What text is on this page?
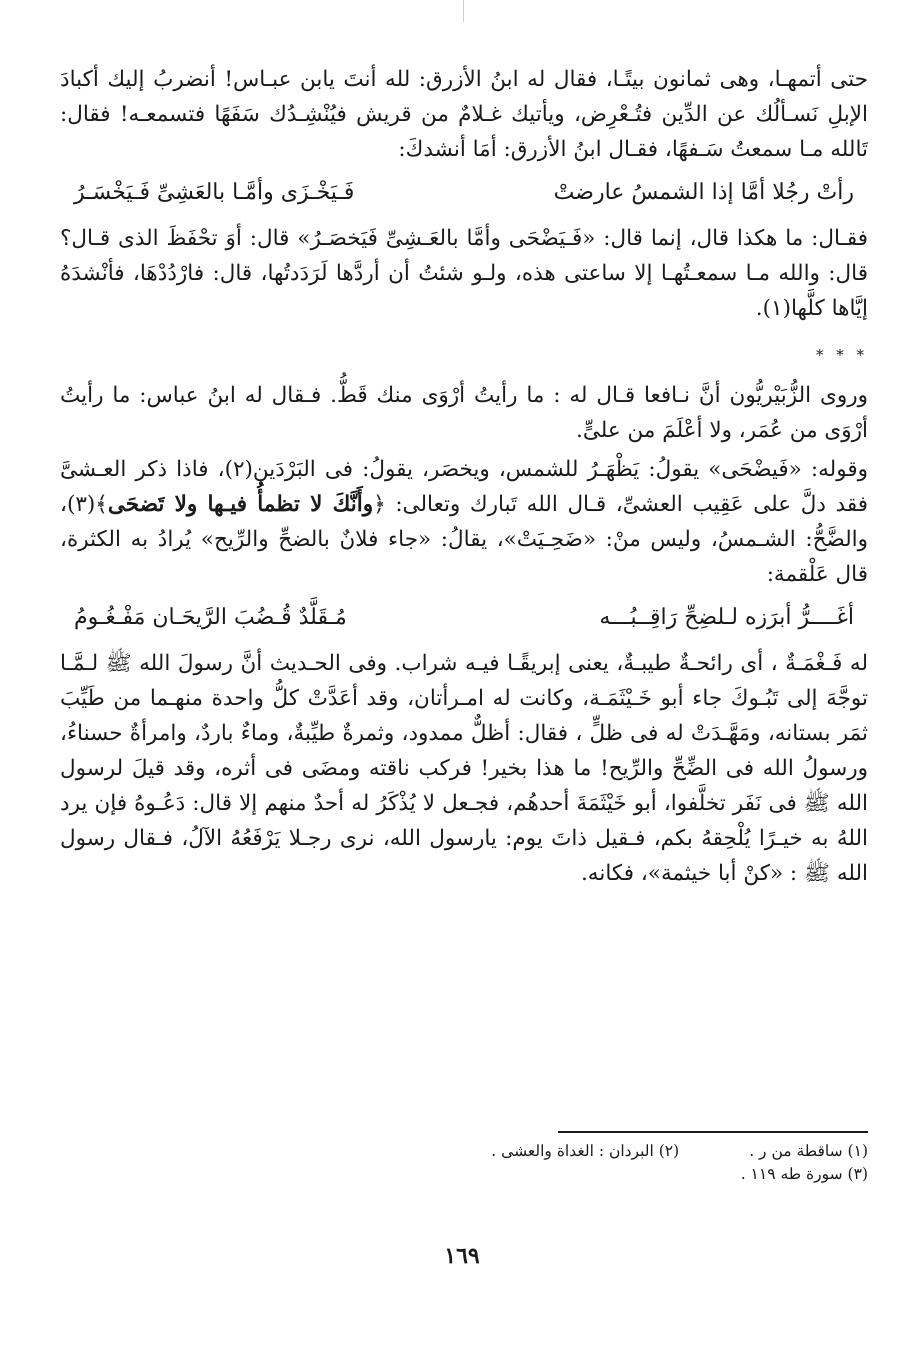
حتى أتمهـا، وهى ثمانون بيتًـا، فقال له ابنُ الأزرق: لله أنتَ يابن عبـاس! أنضربُ إليك أكبادَ الإبلِ نَسـألُك عن الدِّين فتُـعْرِض، ويأتيك غـلامٌ من قريش فيُنْشِـدُك سَفَهًا فتسمعـه! فقال: تَالله مـا سمعتُ سَـفهًا، فقـال ابنُ الأزرق: أمَا أنشدكَ:

رأتْ رجُلا أمَّا إذا الشمسُ عارضتْ
فَـيَخْـزَى وأمَّـا بالعَشِىِّ فَـيَخْسَـرُ

فقـال: ما هكذا قال، إنما قال: «فَـيَضْحَى وأمَّا بالعَـشِىِّ فَيَخصَـرُ» قال: أوَ تحْفَظَ الذى قـال؟ قال: والله مـا سمعـتُهـا إلا ساعتى هذه، ولـو شئتُ أن أردَّها لَرَدَدتُها، قال: فارْدُدْهَا، فأنْشدَهُ إيَّاها كلَّها(١).

* * *

وروى الزُّبَيْريُّون أنَّ نـافعا قـال له : ما رأيتُ أرْوَى منك قَطُّ. فـقال له ابنُ عباس: ما رأيتُ أرْوَى من عُمَر، ولا أعْلَمَ من علىٍّ.

وقوله: «فَيضْحَى» يقولُ: يَظْهَـرُ للشمس، ويخصَر، يقولُ: فى البَرْدَين(٢)، فاذا ذكر العـشىَّ فقد دلَّ على عَقِيب العشىِّ، قـال الله تَبارك وتعالى: ﴿وأَنَّكَ لا تظمأُ فيـها ولا تَضحَى﴾(٣)، والضَّحُّ: الشـمسُ، وليس منْ: «ضَحِـيَتْ»، يقالُ: «جاء فلانٌ بالضحِّ والرِّيح» يُرادُ به الكثرة، قال عَلْقمة:

أغَــــرُّ أبرَزه لـلضِحِّ رَاقِــبُـــه
مُـقَلَّدٌ قُـضُبَ الرَّيحَـان مَفْـغُـومُ

له فَـغْمَـةٌ ، أى رائحـةٌ طيبـةٌ، يعنى إبريقًـا فيـه شراب. وفى الحـديث أنَّ رسولَ الله ﷺ لـمَّـا توجَّهَ إلى تَبُـوكَ جاء أبو خَـيْثَمَـة، وكانت له امـرأتان، وقد أعَدَّتْ كلُّ واحدة منهـما من طَيِّبَ ثمَر بستانه، ومَهَّـدَتْ له فى ظلٍّ ، فقال: أظلٌّ ممدود، وثمرةٌ طيِّبةٌ، وماءٌ باردٌ، وامرأةٌ حسناءُ، ورسولُ الله فى الضِّحِّ والرِّيح! ما هذا بخير! فركب ناقته ومضَى فى أثره، وقد قيلَ لرسول الله ﷺ فى نَفَر تخلَّفوا، أبو خَيْثَمَةَ أحدهُم، فجـعل لا يُذْكَرُ له أحدٌ منهم إلا قال: دَعُـوهُ فإن يرد اللهُ به خيـرًا يُلْحِقهُ بكم، فـقيل ذاتَ يوم: يارسول الله، نرى رجـلا يَرْفَعُهُ الآلُ، فـقال رسول الله ﷺ : «كنْ أبا خيثمة»، فكانه.

(١) ساقطة من ر .
(٢) البردان : الغداة والعشى .
(٣) سورة طه ١١٩ .
١٦٩
